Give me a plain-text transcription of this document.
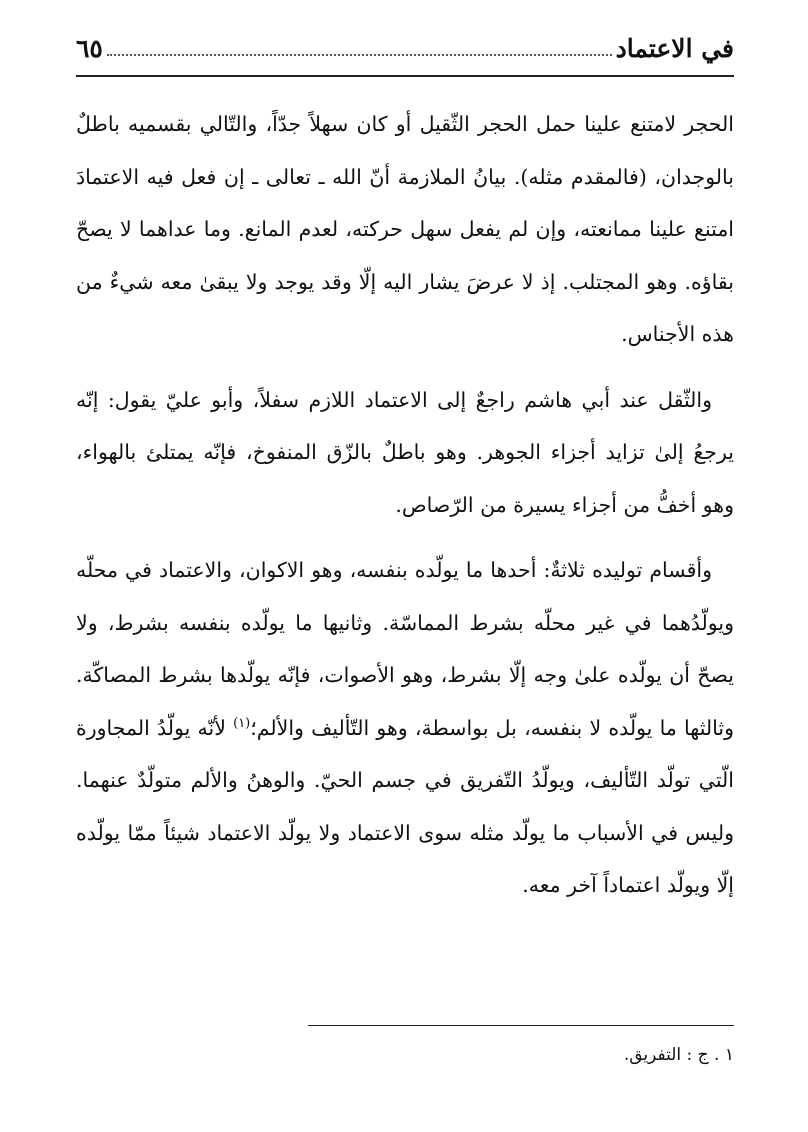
في الاعتماد
٦٥

الحجر لامتنع علينا حمل الحجر الثّقيل أو كان سهلاً جدّاً، والتّالي بقسميه باطلٌ بالوجدان، (فالمقدم مثله). بيانُ الملازمة أنّ الله ـ تعالى ـ إن فعل فيه الاعتمادَ امتنع علينا ممانعته، وإن لم يفعل سهل حركته، لعدم المانع. وما عداهما لا يصحّ بقاؤه. وهو المجتلب. إذ لا عرضَ يشار اليه إلّا وقد يوجد ولا يبقىٰ معه شيءٌ من هذه الأجناس.

والثّقل عند أبي هاشم راجعٌ إلى الاعتماد اللازم سفلاً، وأبو عليّ يقول: إنّه يرجعُ إلىٰ تزايد أجزاء الجوهر. وهو باطلٌ بالزّق المنفوخ، فإنّه يمتلئ بالهواء، وهو أخفُّ من أجزاء يسيرة من الرّصاص.

وأقسام توليده ثلاثةٌ: أحدها ما يولّده بنفسه، وهو الاكوان، والاعتماد في محلّه ويولّدُهما في غير محلّه بشرط المماسّة. وثانيها ما يولّده بنفسه بشرط، ولا يصحّ أن يولّده علىٰ وجه إلّا بشرط، وهو الأصوات، فإنّه يولّدها بشرط المصاكّة. وثالثها ما يولّده لا بنفسه، بل بواسطة، وهو التّأليف والألم؛$^{(١)}$ لأنّه يولّدُ المجاورة الّتي تولّد التّأليف، ويولّدُ التّفريق في جسم الحيّ. والوهنُ والألم متولّدٌ عنهما. وليس في الأسباب ما يولّد مثله سوى الاعتماد ولا يولّد الاعتماد شيئاً ممّا يولّده إلّا ويولّد اعتماداً آخر معه.

١ . ج : التفريق.
